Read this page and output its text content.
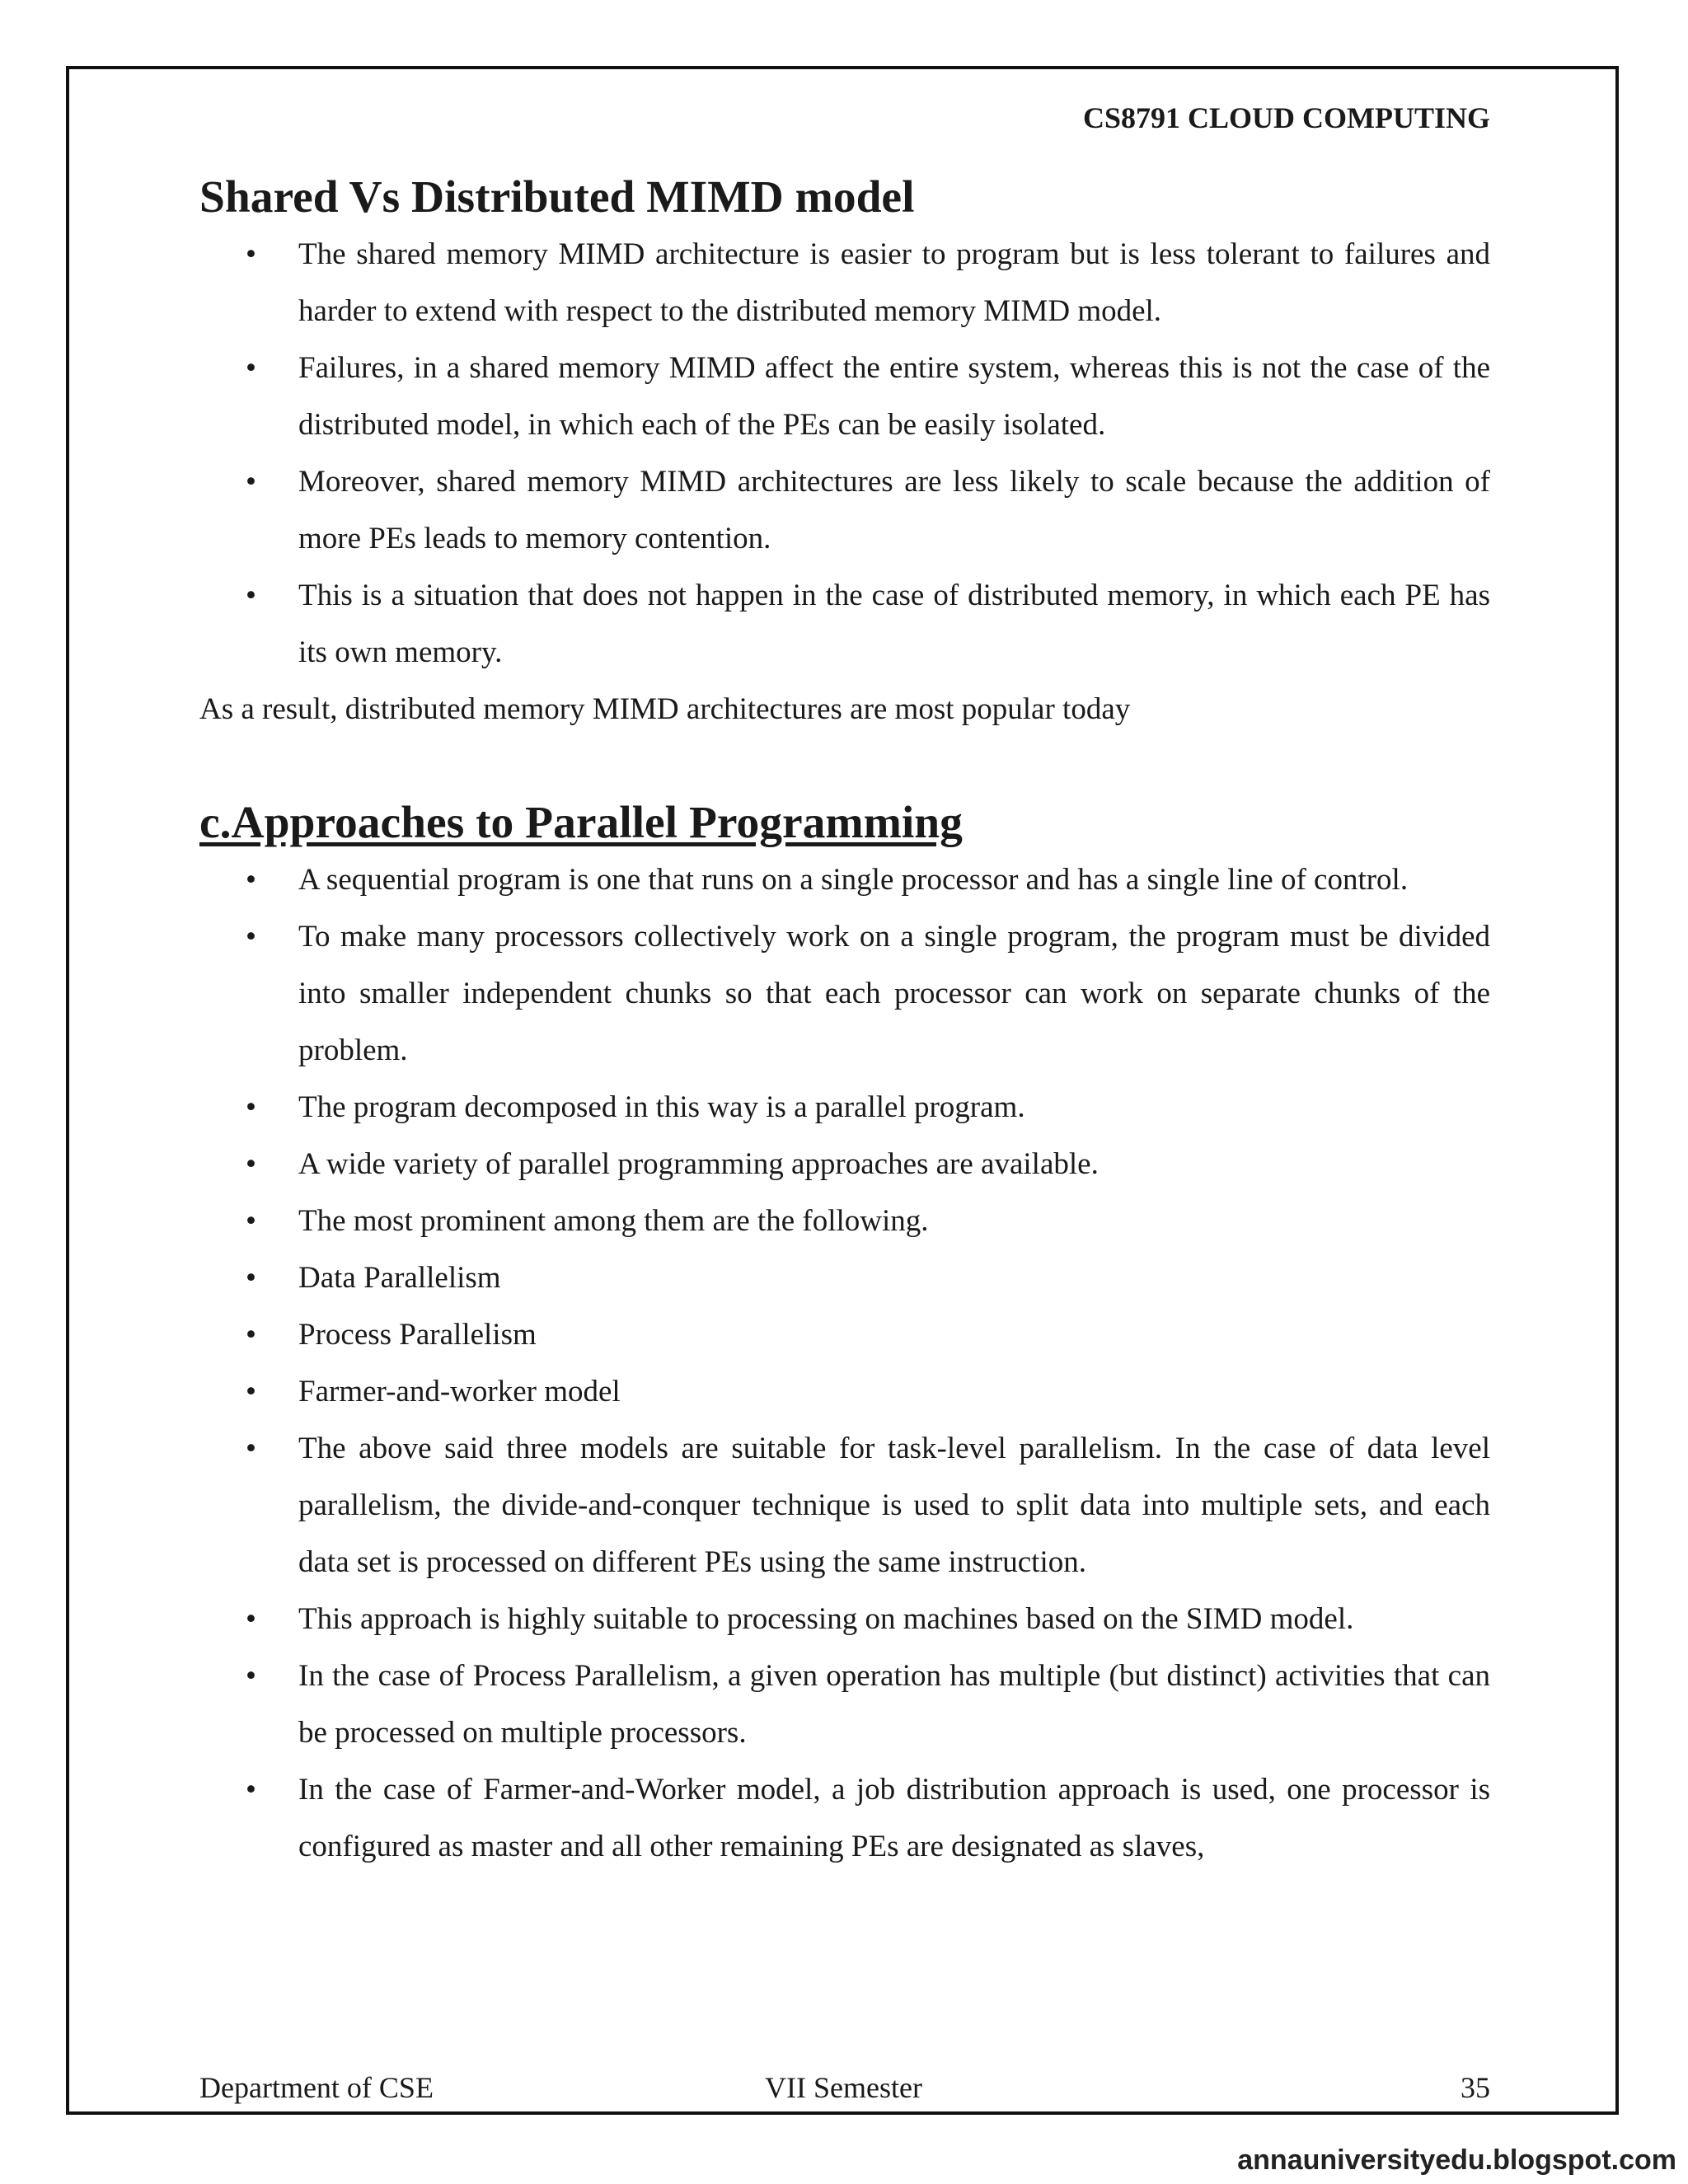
CS8791 CLOUD COMPUTING
Shared Vs Distributed MIMD model
• The shared memory MIMD architecture is easier to program but is less tolerant to failures and harder to extend with respect to the distributed memory MIMD model.
• Failures, in a shared memory MIMD affect the entire system, whereas this is not the case of the distributed model, in which each of the PEs can be easily isolated.
• Moreover, shared memory MIMD architectures are less likely to scale because the addition of more PEs leads to memory contention.
• This is a situation that does not happen in the case of distributed memory, in which each PE has its own memory.

As a result, distributed memory MIMD architectures are most popular today

c.Approaches to Parallel Programming
• A sequential program is one that runs on a single processor and has a single line of control.
• To make many processors collectively work on a single program, the program must be divided into smaller independent chunks so that each processor can work on separate chunks of the problem.
• The program decomposed in this way is a parallel program.
• A wide variety of parallel programming approaches are available.
• The most prominent among them are the following.
• Data Parallelism
• Process Parallelism
• Farmer-and-worker model
• The above said three models are suitable for task-level parallelism. In the case of data level parallelism, the divide-and-conquer technique is used to split data into multiple sets, and each data set is processed on different PEs using the same instruction.
• This approach is highly suitable to processing on machines based on the SIMD model.
• In the case of Process Parallelism, a given operation has multiple (but distinct) activities that can be processed on multiple processors.
• In the case of Farmer-and-Worker model, a job distribution approach is used, one processor is configured as master and all other remaining PEs are designated as slaves,
Department of CSE	VII Semester	35
annauniversityedu.blogspot.com
